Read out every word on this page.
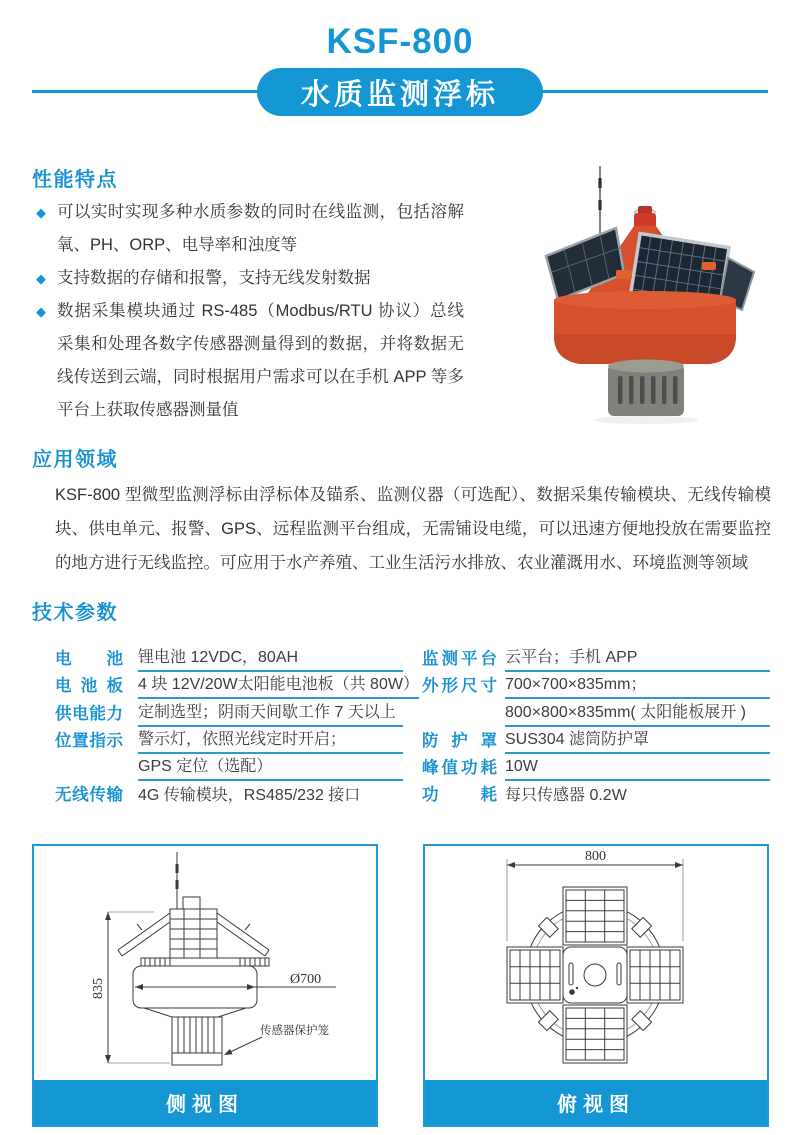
KSF-800
水质监测浮标
性能特点
◆ 可以实时实现多种水质参数的同时在线监测，包括溶解氧、PH、ORP、电导率和浊度等
◆ 支持数据的存储和报警，支持无线发射数据
◆ 数据采集模块通过 RS-485（Modbus/RTU 协议）总线采集和处理各数字传感器测量得到的数据，并将数据无线传送到云端，同时根据用户需求可以在手机 APP 等多平台上获取传感器测量值
应用领域
KSF-800 型微型监测浮标由浮标体及锚系、监测仪器（可选配）、数据采集传输模块、无线传输模块、供电单元、报警、GPS、远程监测平台组成，无需铺设电缆，可以迅速方便地投放在需要监控的地方进行无线监控。可应用于水产养殖、工业生活污水排放、农业灌溉用水、环境监测等领域
技术参数
电 池 锂电池 12VDC，80AH
电 池 板 4 块 12V/20W太阳能电池板（共 80W）
供 电 能 力 定制选型；阴雨天间歇工作 7 天以上
位 置 指 示 警示灯，依照光线定时开启；
GPS 定位（选配）
无 线 传 输 4G 传输模块，RS485/232 接口
监 测 平 台 云平台；手机 APP
外 形 尺 寸 700×700×835mm；
800×800×835mm( 太阳能板展开 )
防 护 罩 SUS304 滤筒防护罩
峰 值 功 耗 10W
功	耗 每只传感器 0.2W
Ø700
835
传感器保护笼
侧视图
800
俯视图
